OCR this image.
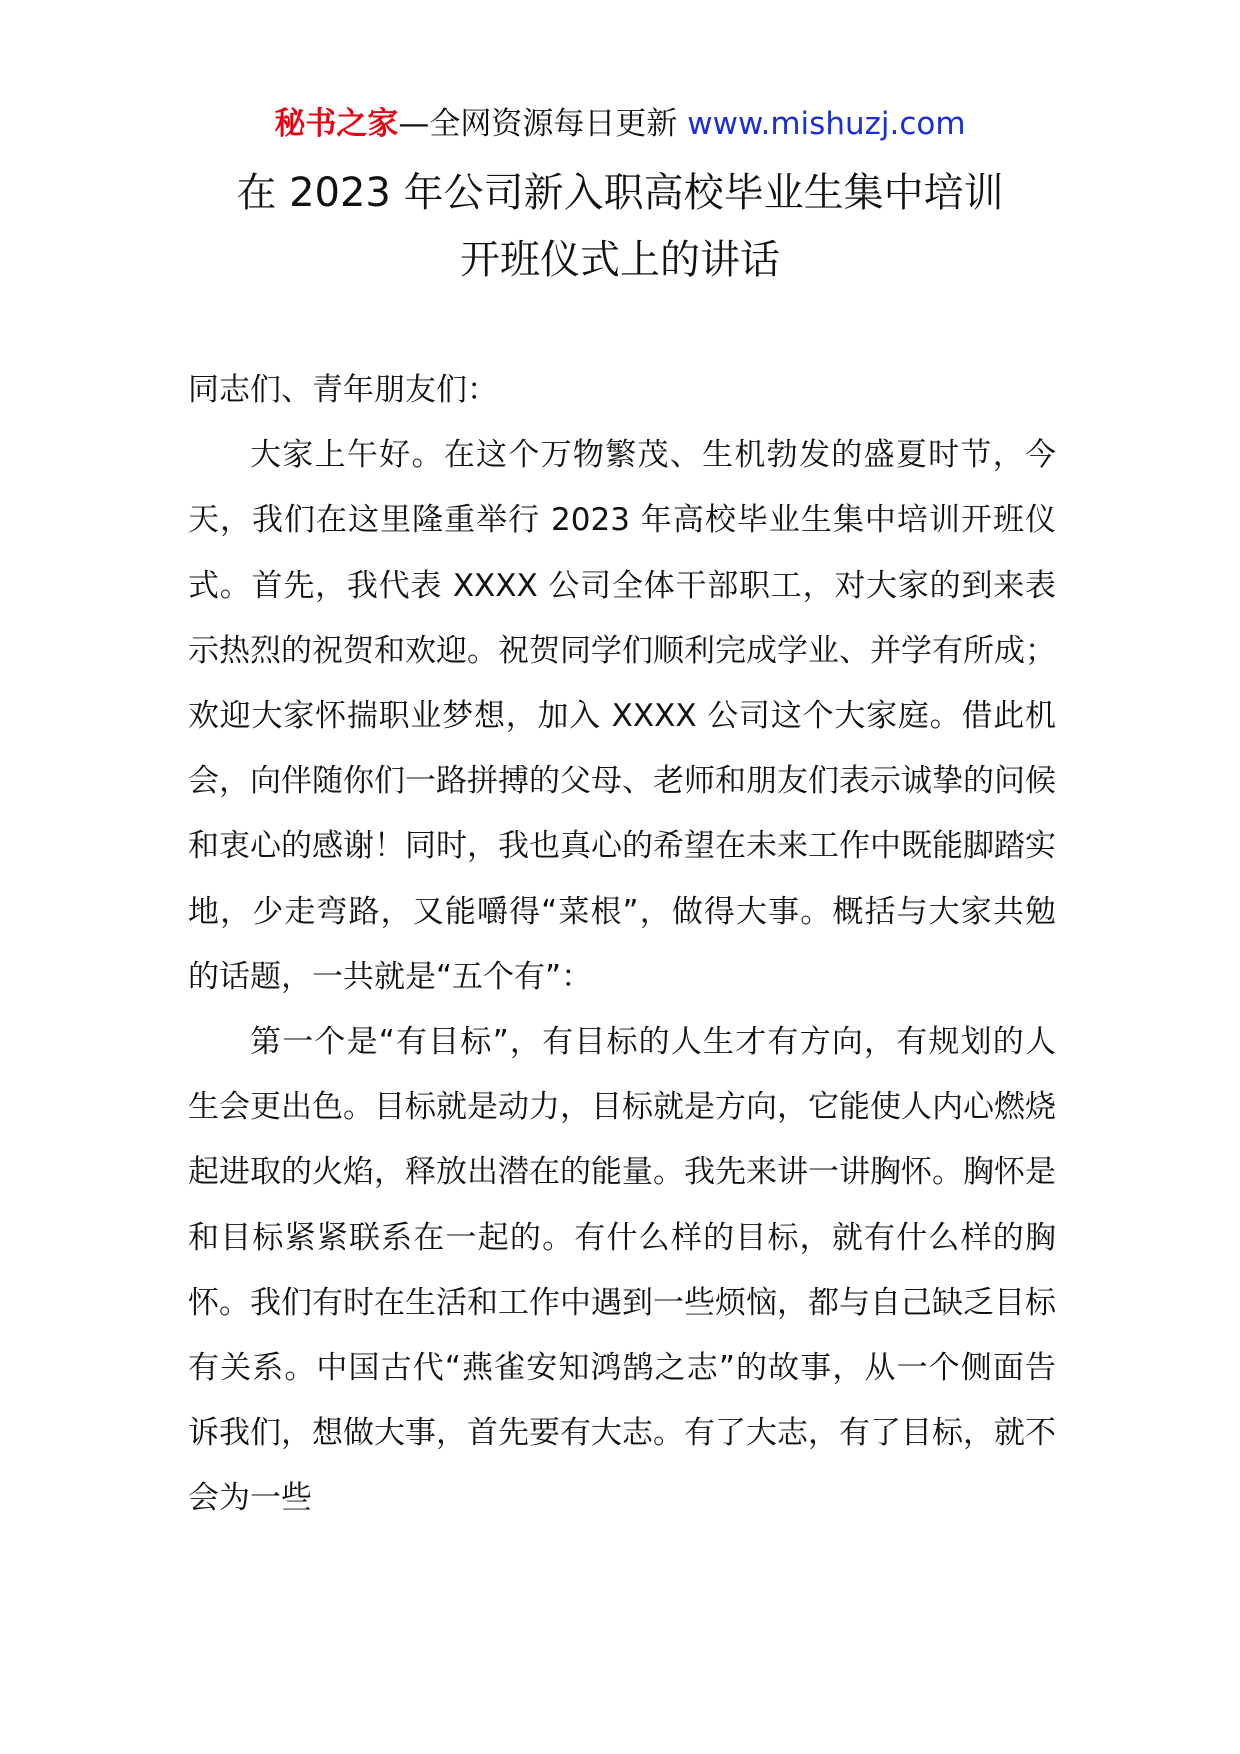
秘书之家—全网资源每日更新 www.mishuzj.com
在 2023 年公司新入职高校毕业生集中培训
开班仪式上的讲话

同志们、青年朋友们：

大家上午好。在这个万物繁茂、生机勃发的盛夏时节，今天，我们在这里隆重举行 2023 年高校毕业生集中培训开班仪式。首先，我代表 XXXX 公司全体干部职工，对大家的到来表示热烈的祝贺和欢迎。祝贺同学们顺利完成学业、并学有所成；欢迎大家怀揣职业梦想，加入 XXXX 公司这个大家庭。借此机会，向伴随你们一路拼搏的父母、老师和朋友们表示诚挚的问候和衷心的感谢！同时，我也真心的希望在未来工作中既能脚踏实地，少走弯路，又能嚼得“菜根”，做得大事。概括与大家共勉的话题，一共就是“五个有”：

第一个是“有目标”，有目标的人生才有方向，有规划的人生会更出色。目标就是动力，目标就是方向，它能使人内心燃烧起进取的火焰，释放出潜在的能量。我先来讲一讲胸怀。胸怀是和目标紧紧联系在一起的。有什么样的目标，就有什么样的胸怀。我们有时在生活和工作中遇到一些烦恼，都与自己缺乏目标有关系。中国古代“燕雀安知鸿鹄之志”的故事，从一个侧面告诉我们，想做大事，首先要有大志。有了大志，有了目标，就不会为一些
